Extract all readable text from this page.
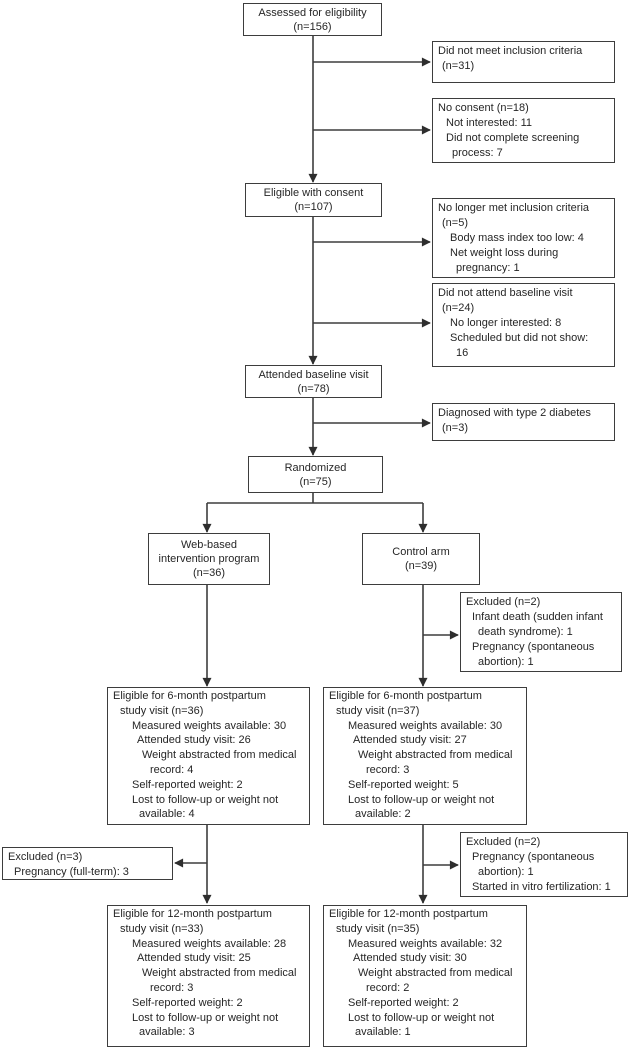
Assessed for eligibility
(n=156)
Did not meet inclusion criteria
(n=31)
No consent (n=18)
Not interested: 11
Did not complete screening
process: 7
Eligible with consent
(n=107)	No longer met inclusion criteria
(n=5)
Body mass index too low: 4
Net weight loss during
pregnancy: 1
Did not attend baseline visit
(n=24)
No longer interested: 8
Scheduled but did not show:
16
Attended baseline visit
(n=78)
Diagnosed with type 2 diabetes
(n=3)
Randomized
(n=75)
Web-based
intervention program
(n=36)
Control arm
(n=39)
Excluded (n=2)
Infant death (sudden infant
death syndrome): 1
Pregnancy (spontaneous
abortion): 1
Eligible for 6-month postpartum
study visit (n=36)
Measured weights available: 30
Attended study visit: 26
Weight abstracted from medical
record: 4
Self-reported weight: 2
Lost to follow-up or weight not
available: 4
Eligible for 6-month postpartum
study visit (n=37)
Measured weights available: 30
Attended study visit: 27
Weight abstracted from medical
record: 3
Self-reported weight: 5
Lost to follow-up or weight not
available: 2
Excluded (n=3)
Pregnancy (full-term): 3
Excluded (n=2)
Pregnancy (spontaneous
abortion): 1
Started in vitro fertilization: 1
Eligible for 12-month postpartum
study visit (n=33)
Measured weights available: 28
Attended study visit: 25
Weight abstracted from medical
record: 3
Self-reported weight: 2
Lost to follow-up or weight not
available: 3
Eligible for 12-month postpartum
study visit (n=35)
Measured weights available: 32
Attended study visit: 30
Weight abstracted from medical
record: 2
Self-reported weight: 2
Lost to follow-up or weight not
available: 1
